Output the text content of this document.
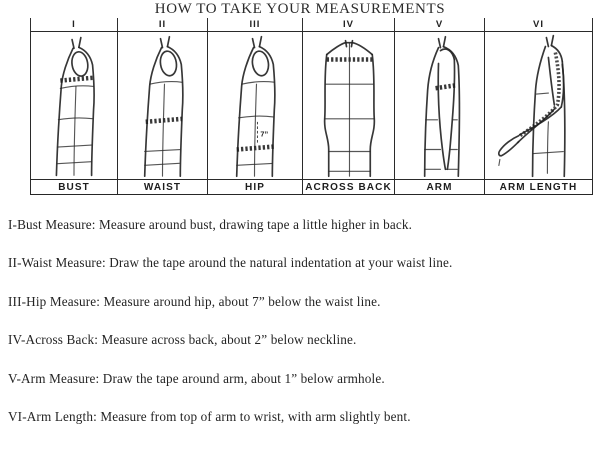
HOW TO TAKE YOUR MEASUREMENTS
I	II	III	IV	V	VI
7”
BUST	WAIST	HIP	ACROSS BACK	ARM	ARM LENGTH

I-Bust Measure: Measure around bust, drawing tape a little higher in back.

II-Waist Measure: Draw the tape around the natural indentation at your waist line.

III-Hip Measure: Measure around hip, about 7” below the waist line.

IV-Across Back: Measure across back, about 2” below neckline.

V-Arm Measure: Draw the tape around arm, about 1” below armhole.

VI-Arm Length: Measure from top of arm to wrist, with arm slightly bent.
